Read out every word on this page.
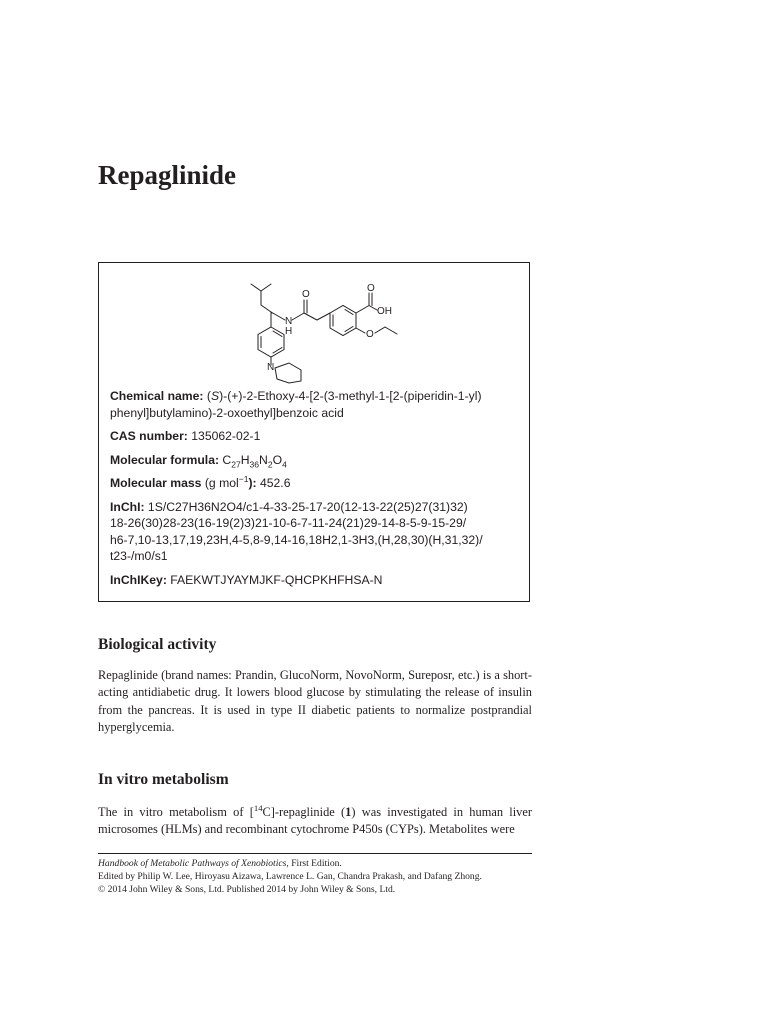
Repaglinide
O
N
H
N
O
OH
O

Chemical name: (S)-(+)-2-Ethoxy-4-[2-(3-methyl-1-[2-(piperidin-1-yl)
phenyl]butylamino)-2-oxoethyl]benzoic acid

CAS number: 135062-02-1

Molecular formula: $C_{27}H_{36}N_2O_4$

Molecular mass (g mol$^{-1}$): 452.6

InChI: 1S/C27H36N2O4/c1-4-33-25-17-20(12-13-22(25)27(31)32)
18-26(30)28-23(16-19(2)3)21-10-6-7-11-24(21)29-14-8-5-9-15-29/
h6-7,10-13,17,19,23H,4-5,8-9,14-16,18H2,1-3H3,(H,28,30)(H,31,32)/
t23-/m0/s1

InChIKey: FAEKWTJYAYMJKF-QHCPKHFHSA-N

Biological activity

Repaglinide (brand names: Prandin, GlucoNorm, NovoNorm, Sureposr, etc.) is a short-acting antidiabetic drug. It lowers blood glucose by stimulating the release of insulin from the pancreas. It is used in type II diabetic patients to normalize postprandial hyperglycemia.

In vitro metabolism

The in vitro metabolism of [$^{14}$C]-repaglinide (1) was investigated in human liver microsomes (HLMs) and recombinant cytochrome P450s (CYPs). Metabolites were

Handbook of Metabolic Pathways of Xenobiotics, First Edition.
Edited by Philip W. Lee, Hiroyasu Aizawa, Lawrence L. Gan, Chandra Prakash, and Dafang Zhong.
© 2014 John Wiley & Sons, Ltd. Published 2014 by John Wiley & Sons, Ltd.
